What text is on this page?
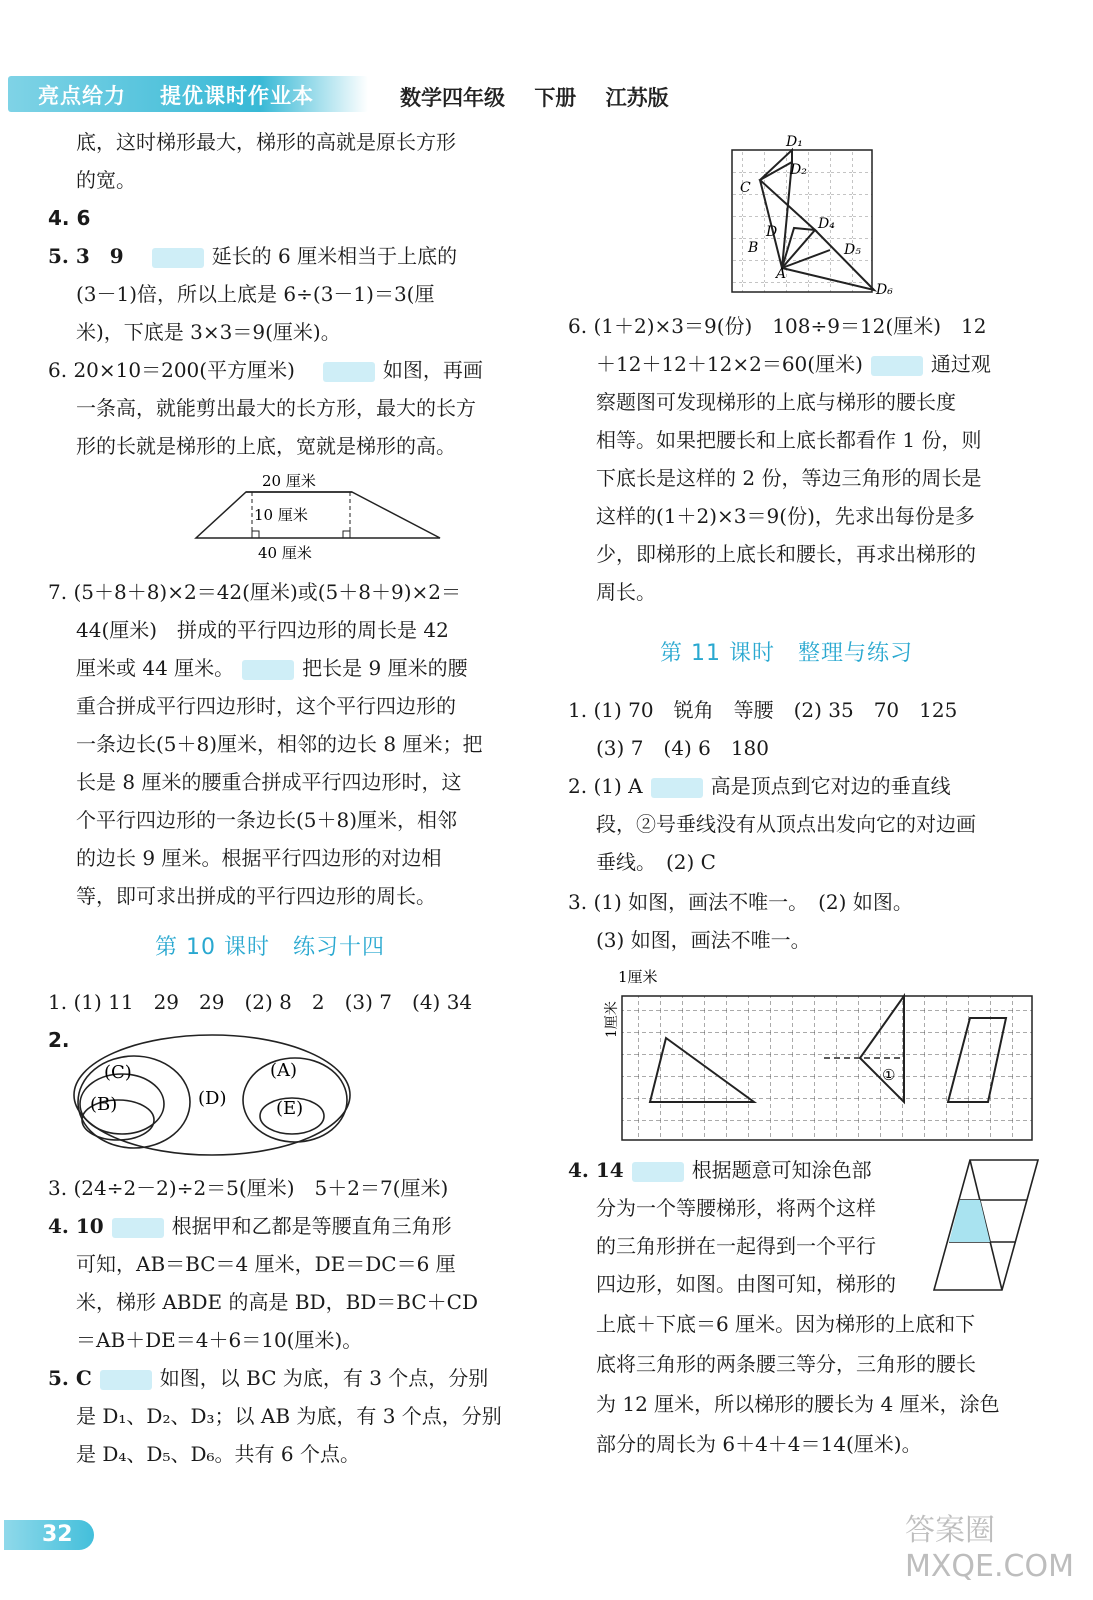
亮点给力 提优课时作业本	数学四年级 下册 江苏版
底，这时梯形最大，梯形的高就是原长方形
的宽。
4. 6
5. 3　9　	延长的 6 厘米相当于上底的
(3－1)倍，所以上底是 6÷(3－1)＝3(厘
米)，下底是 3×3＝9(厘米)。
6. 20×10＝200(平方厘米)　	如图，再画
一条高，就能剪出最大的长方形，最大的长方
形的长就是梯形的上底，宽就是梯形的高。
20 厘米
10 厘米
40 厘米
7. (5＋8＋8)×2＝42(厘米)或(5＋8＋9)×2＝
44(厘米)　拼成的平行四边形的周长是 42
厘米或 44 厘米。	把长是 9 厘米的腰
重合拼成平行四边形时，这个平行四边形的
一条边长(5＋8)厘米，相邻的边长 8 厘米；把
长是 8 厘米的腰重合拼成平行四边形时，这
个平行四边形的一条边长(5＋8)厘米，相邻
的边长 9 厘米。根据平行四边形的对边相
等，即可求出拼成的平行四边形的周长。
第 10 课时　练习十四
1. (1) 11　29　29　(2) 8　2　(3) 7　(4) 34
2.
(C)
(B)	(D)
(A)
(E)
3. (24÷2－2)÷2＝5(厘米)　5＋2＝7(厘米)
4. 10	根据甲和乙都是等腰直角三角形
可知，AB＝BC＝4 厘米，DE＝DC＝6 厘
米，梯形 ABDE 的高是 BD，BD＝BC＋CD
＝AB＋DE＝4＋6＝10(厘米)。
5. C	如图，以 BC 为底，有 3 个点，分别
是 D₁、D₂、D₃；以 AB 为底，有 3 个点，分别
是 D₄、D₅、D₆。共有 6 个点。
D₁
D₂
C
D
B
D₄
D₅
A
D₆
6. (1＋2)×3＝9(份)　108÷9＝12(厘米)　12
＋12＋12＋12×2＝60(厘米)	通过观
察题图可发现梯形的上底与梯形的腰长度
相等。如果把腰长和上底长都看作 1 份，则
下底长是这样的 2 份，等边三角形的周长是
这样的(1＋2)×3＝9(份)，先求出每份是多
少，即梯形的上底长和腰长，再求出梯形的
周长。
第 11 课时　整理与练习
1. (1) 70　锐角　等腰　(2) 35　70　125
(3) 7　(4) 6　180
2. (1) A	高是顶点到它对边的垂直线
段，②号垂线没有从顶点出发向它的对边画
垂线。　(2) C
3. (1) 如图，画法不唯一。　(2) 如图。
(3) 如图，画法不唯一。
1厘米
1厘米
①
4. 14	根据题意可知涂色部
分为一个等腰梯形，将两个这样
的三角形拼在一起得到一个平行
四边形，如图。由图可知，梯形的
上底＋下底＝6 厘米。因为梯形的上底和下
底将三角形的两条腰三等分，三角形的腰长
为 12 厘米，所以梯形的腰长为 4 厘米，涂色
部分的周长为 6＋4＋4＝14(厘米)。
32	答案圈 MXQE.COM
